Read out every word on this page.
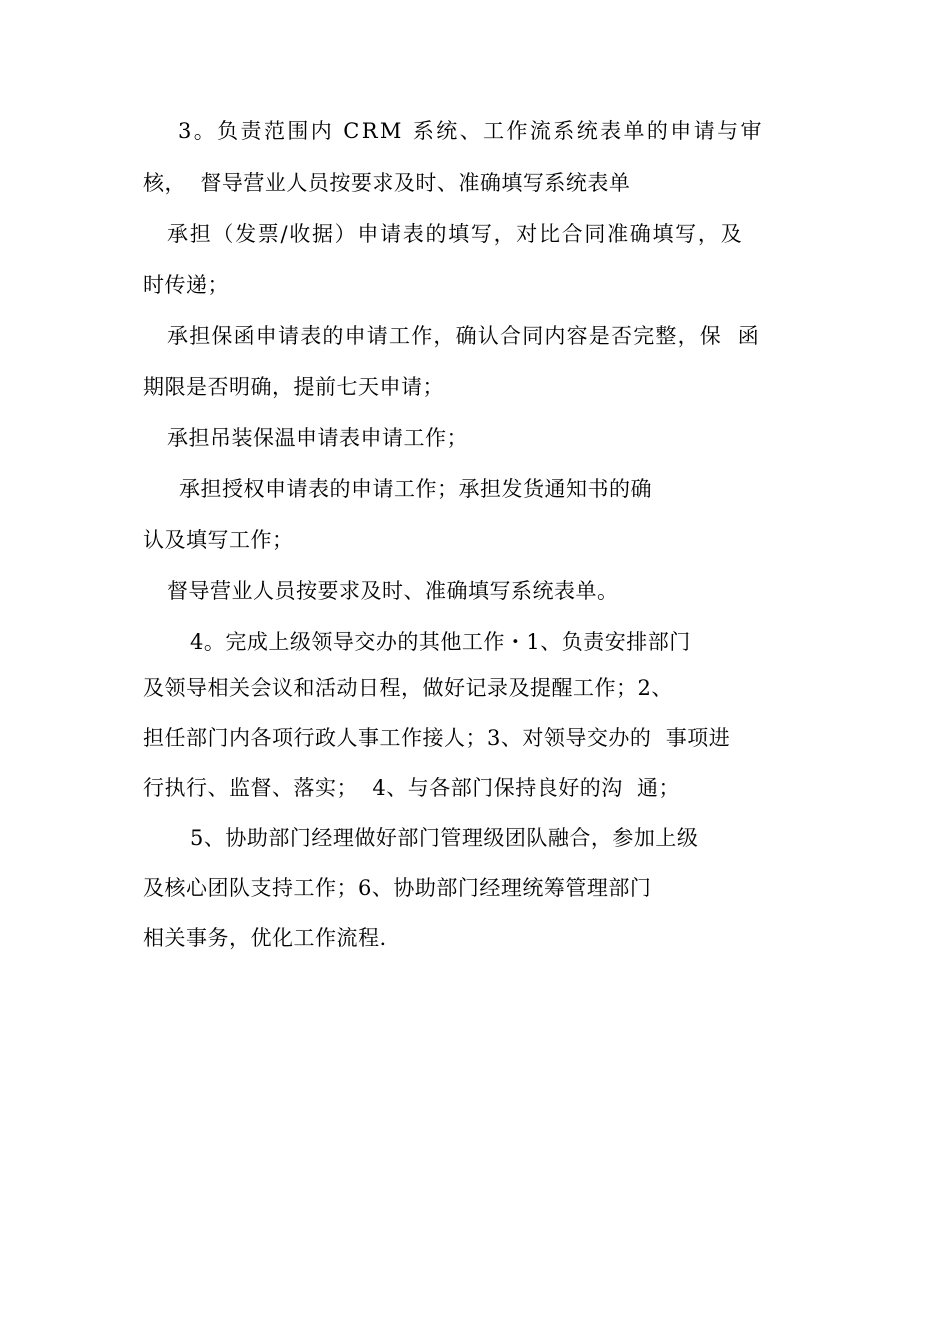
3。负责范围内 CRM 系统、工作流系统表单的申请与审
核，  督导营业人员按要求及时、准确填写系统表单
承担（发票/收据）申请表的填写，对比合同准确填写，及
时传递；
承担保函申请表的申请工作，确认合同内容是否完整，保  函
期限是否明确，提前七天申请；
承担吊装保温申请表申请工作；
承担授权申请表的申请工作；承担发货通知书的确
认及填写工作；
督导营业人员按要求及时、准确填写系统表单。
4。完成上级领导交办的其他工作・1、负责安排部门
及领导相关会议和活动日程，做好记录及提醒工作；2、
担任部门内各项行政人事工作接人；3、对领导交办的  事项进
行执行、监督、落实；  4、与各部门保持良好的沟  通；
5、协助部门经理做好部门管理级团队融合，参加上级
及核心团队支持工作；6、协助部门经理统筹管理部门
相关事务，优化工作流程.
